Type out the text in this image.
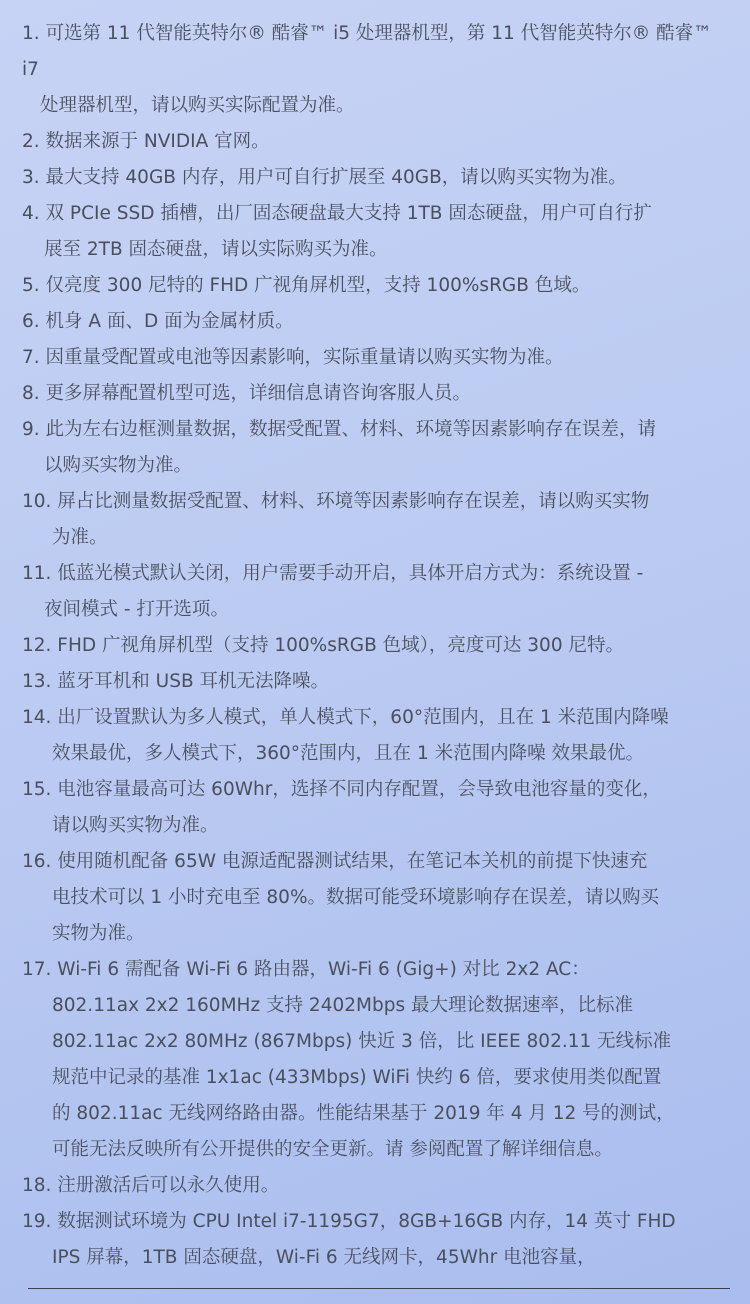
1. 可选第 11 代智能英特尔® 酷睿™ i5 处理器机型，第 11 代智能英特尔® 酷睿™
i7
处理器机型，请以购买实际配置为准。
2. 数据来源于 NVIDIA 官网。
3. 最大支持 40GB 内存，用户可自行扩展至 40GB，请以购买实物为准。
4. 双 PCIe SSD 插槽，出厂固态硬盘最大支持 1TB 固态硬盘，用户可自行扩
展至 2TB 固态硬盘，请以实际购买为准。
5. 仅亮度 300 尼特的 FHD 广视角屏机型，支持 100%sRGB 色域。
6. 机身 A 面、D 面为金属材质。
7. 因重量受配置或电池等因素影响，实际重量请以购买实物为准。
8. 更多屏幕配置机型可选，详细信息请咨询客服人员。
9. 此为左右边框测量数据，数据受配置、材料、环境等因素影响存在误差，请
以购买实物为准。
10. 屏占比测量数据受配置、材料、环境等因素影响存在误差，请以购买实物
为准。
11. 低蓝光模式默认关闭，用户需要手动开启，具体开启方式为：系统设置 -
夜间模式 - 打开选项。
12. FHD 广视角屏机型（支持 100%sRGB 色域），亮度可达 300 尼特。
13. 蓝牙耳机和 USB 耳机无法降噪。
14. 出厂设置默认为多人模式，单人模式下，60°范围内，且在 1 米范围内降噪
效果最优，多人模式下，360°范围内，且在 1 米范围内降噪 效果最优。
15. 电池容量最高可达 60Whr，选择不同内存配置，会导致电池容量的变化，
请以购买实物为准。
16. 使用随机配备 65W 电源适配器测试结果，在笔记本关机的前提下快速充
电技术可以 1 小时充电至 80%。数据可能受环境影响存在误差，请以购买
实物为准。
17. Wi-Fi 6 需配备 Wi-Fi 6 路由器，Wi-Fi 6 (Gig+) 对比 2x2 AC：
802.11ax 2x2 160MHz 支持 2402Mbps 最大理论数据速率，比标准
802.11ac 2x2 80MHz (867Mbps) 快近 3 倍，比 IEEE 802.11 无线标准
规范中记录的基准 1x1ac (433Mbps) WiFi 快约 6 倍，要求使用类似配置
的 802.11ac 无线网络路由器。性能结果基于 2019 年 4 月 12 号的测试，
可能无法反映所有公开提供的安全更新。请 参阅配置了解详细信息。
18. 注册激活后可以永久使用。
19. 数据测试环境为 CPU Intel i7-1195G7，8GB+16GB 内存，14 英寸 FHD
IPS 屏幕，1TB 固态硬盘，Wi-Fi 6 无线网卡，45Whr 电池容量，
